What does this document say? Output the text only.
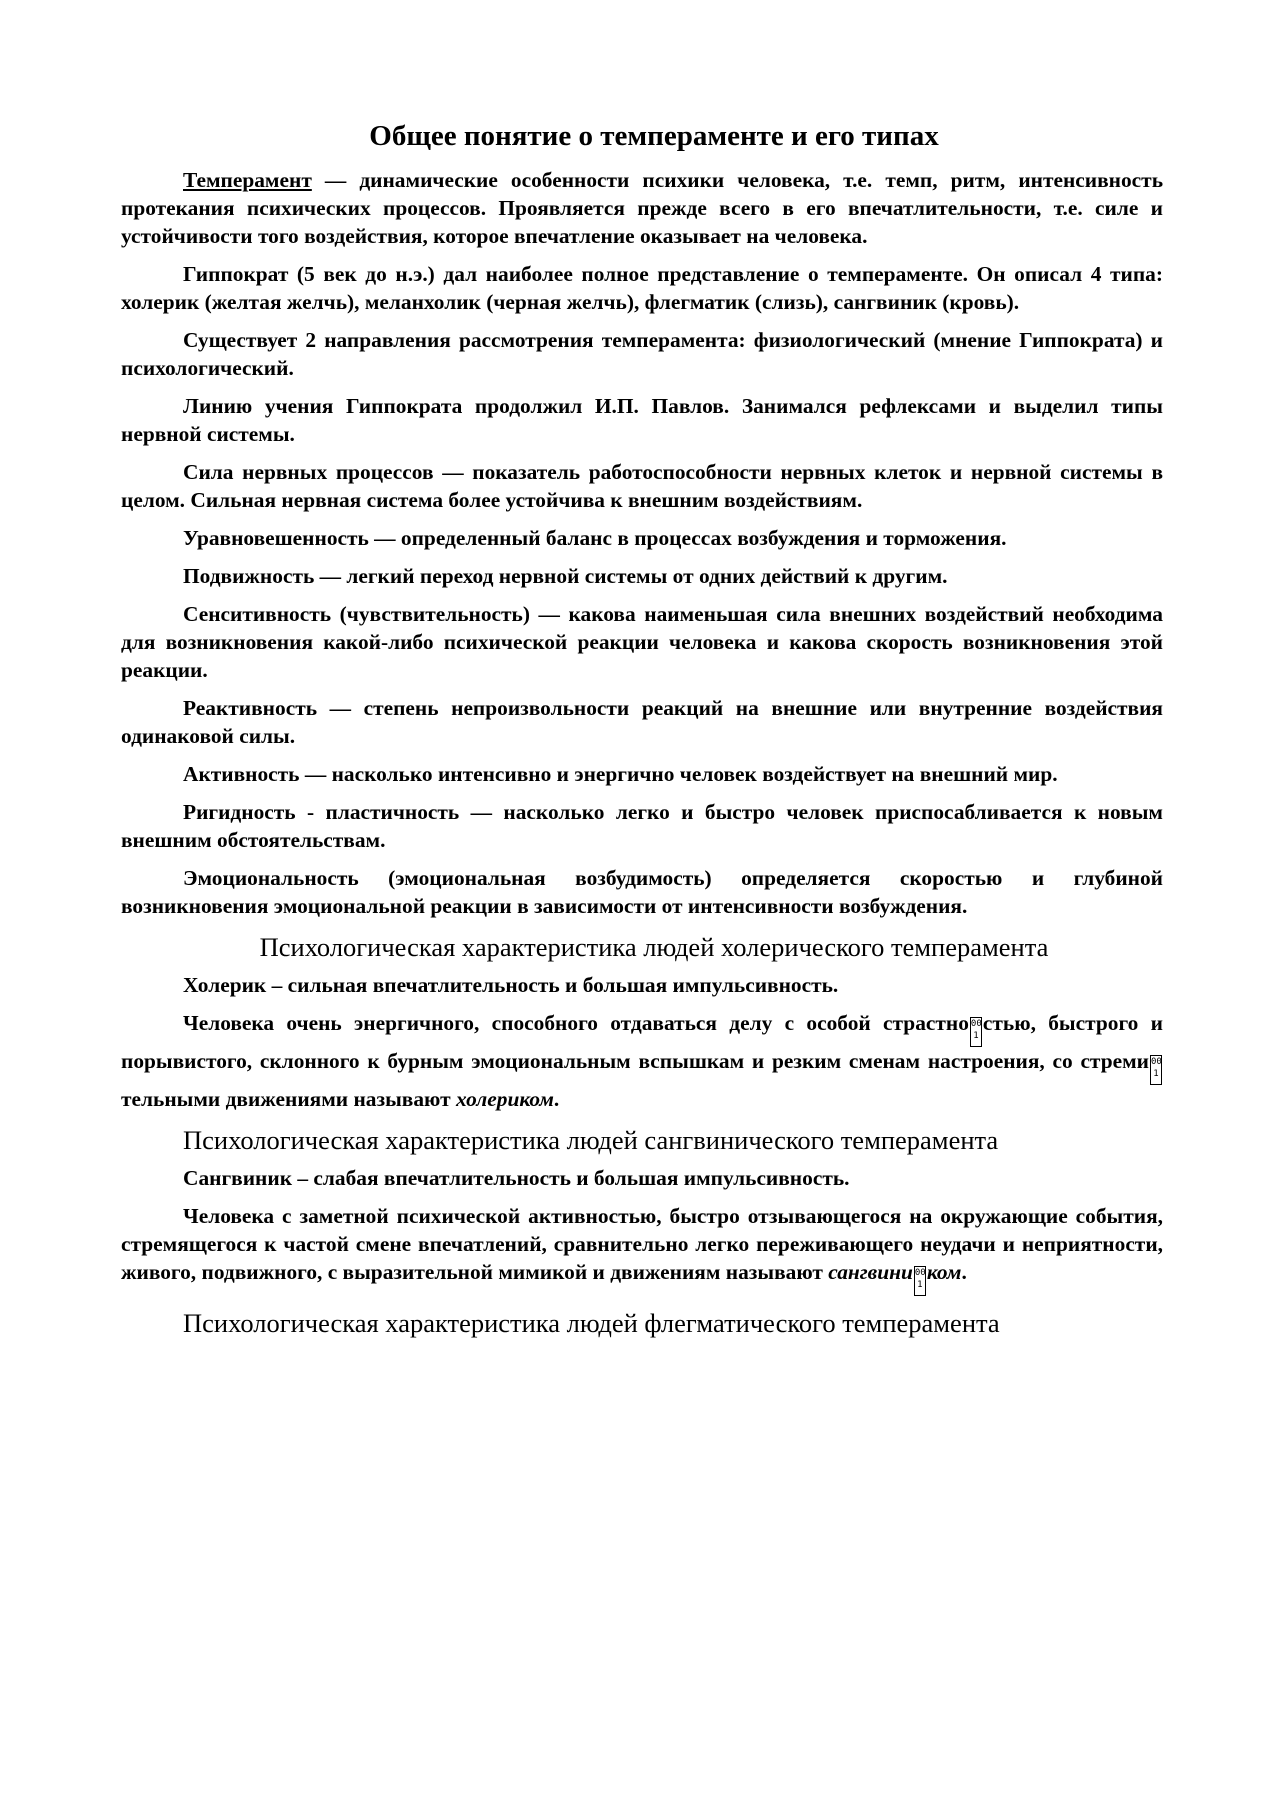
Общее понятие о темпераменте и его типах

Темперамент — динамические особенности психики человека, т.е. темп, ритм, интенсивность протекания психических процессов. Проявляется прежде всего в его впечатлительности, т.е. силе и устойчивости того воздействия, которое впечатление оказывает на человека.

Гиппократ (5 век до н.э.) дал наиболее полное представление о темпераменте. Он описал 4 типа: холерик (желтая желчь), меланхолик (черная желчь), флегматик (слизь), сангвиник (кровь).

Существует 2 направления рассмотрения темперамента: физиологический (мнение Гиппократа) и психологический.

Линию учения Гиппократа продолжил И.П. Павлов. Занимался рефлексами и выделил типы нервной системы.

Сила нервных процессов — показатель работоспособности нервных клеток и нервной системы в целом. Сильная нервная система более устойчива к внешним воздействиям.

Уравновешенность — определенный баланс в процессах возбуждения и торможения.

Подвижность — легкий переход нервной системы от одних действий к другим.

Сенситивность (чувствительность) — какова наименьшая сила внешних воздействий необходима для возникновения какой-либо психической реакции человека и какова скорость возникновения этой реакции.

Реактивность — степень непроизвольности реакций на внешние или внутренние воздействия одинаковой силы.

Активность — насколько интенсивно и энергично человек воздействует на внешний мир.

Ригидность - пластичность — насколько легко и быстро человек приспосабливается к новым внешним обстоятельствам.

Эмоциональность (эмоциональная возбудимость) определяется скоростью и глубиной возникновения эмоциональной реакции в зависимости от интенсивности возбуждения.

Психологическая характеристика людей холерического темперамента

Холерик – сильная впечатлительность и большая импульсивность.

Человека очень энергичного, способного отдаваться делу с особой страстно 00 1стью, быстрого и порывистого, склонного к бурным эмоциональным вспышкам и резким сменам настроения, со стреми 00 1тельными движениями называют холериком.

Психологическая характеристика людей сангвинического темперамента

Сангвиник – слабая впечатлительность и большая импульсивность.

Человека с заметной психической активностью, быстро отзывающегося на окружающие события, стремящегося к частой смене впечатлений, сравнительно легко переживающего неудачи и неприятности, живого, подвижного, с выразительной мимикой и движениям называют сангвини 00 1ком.

Психологическая характеристика людей флегматического темперамента
